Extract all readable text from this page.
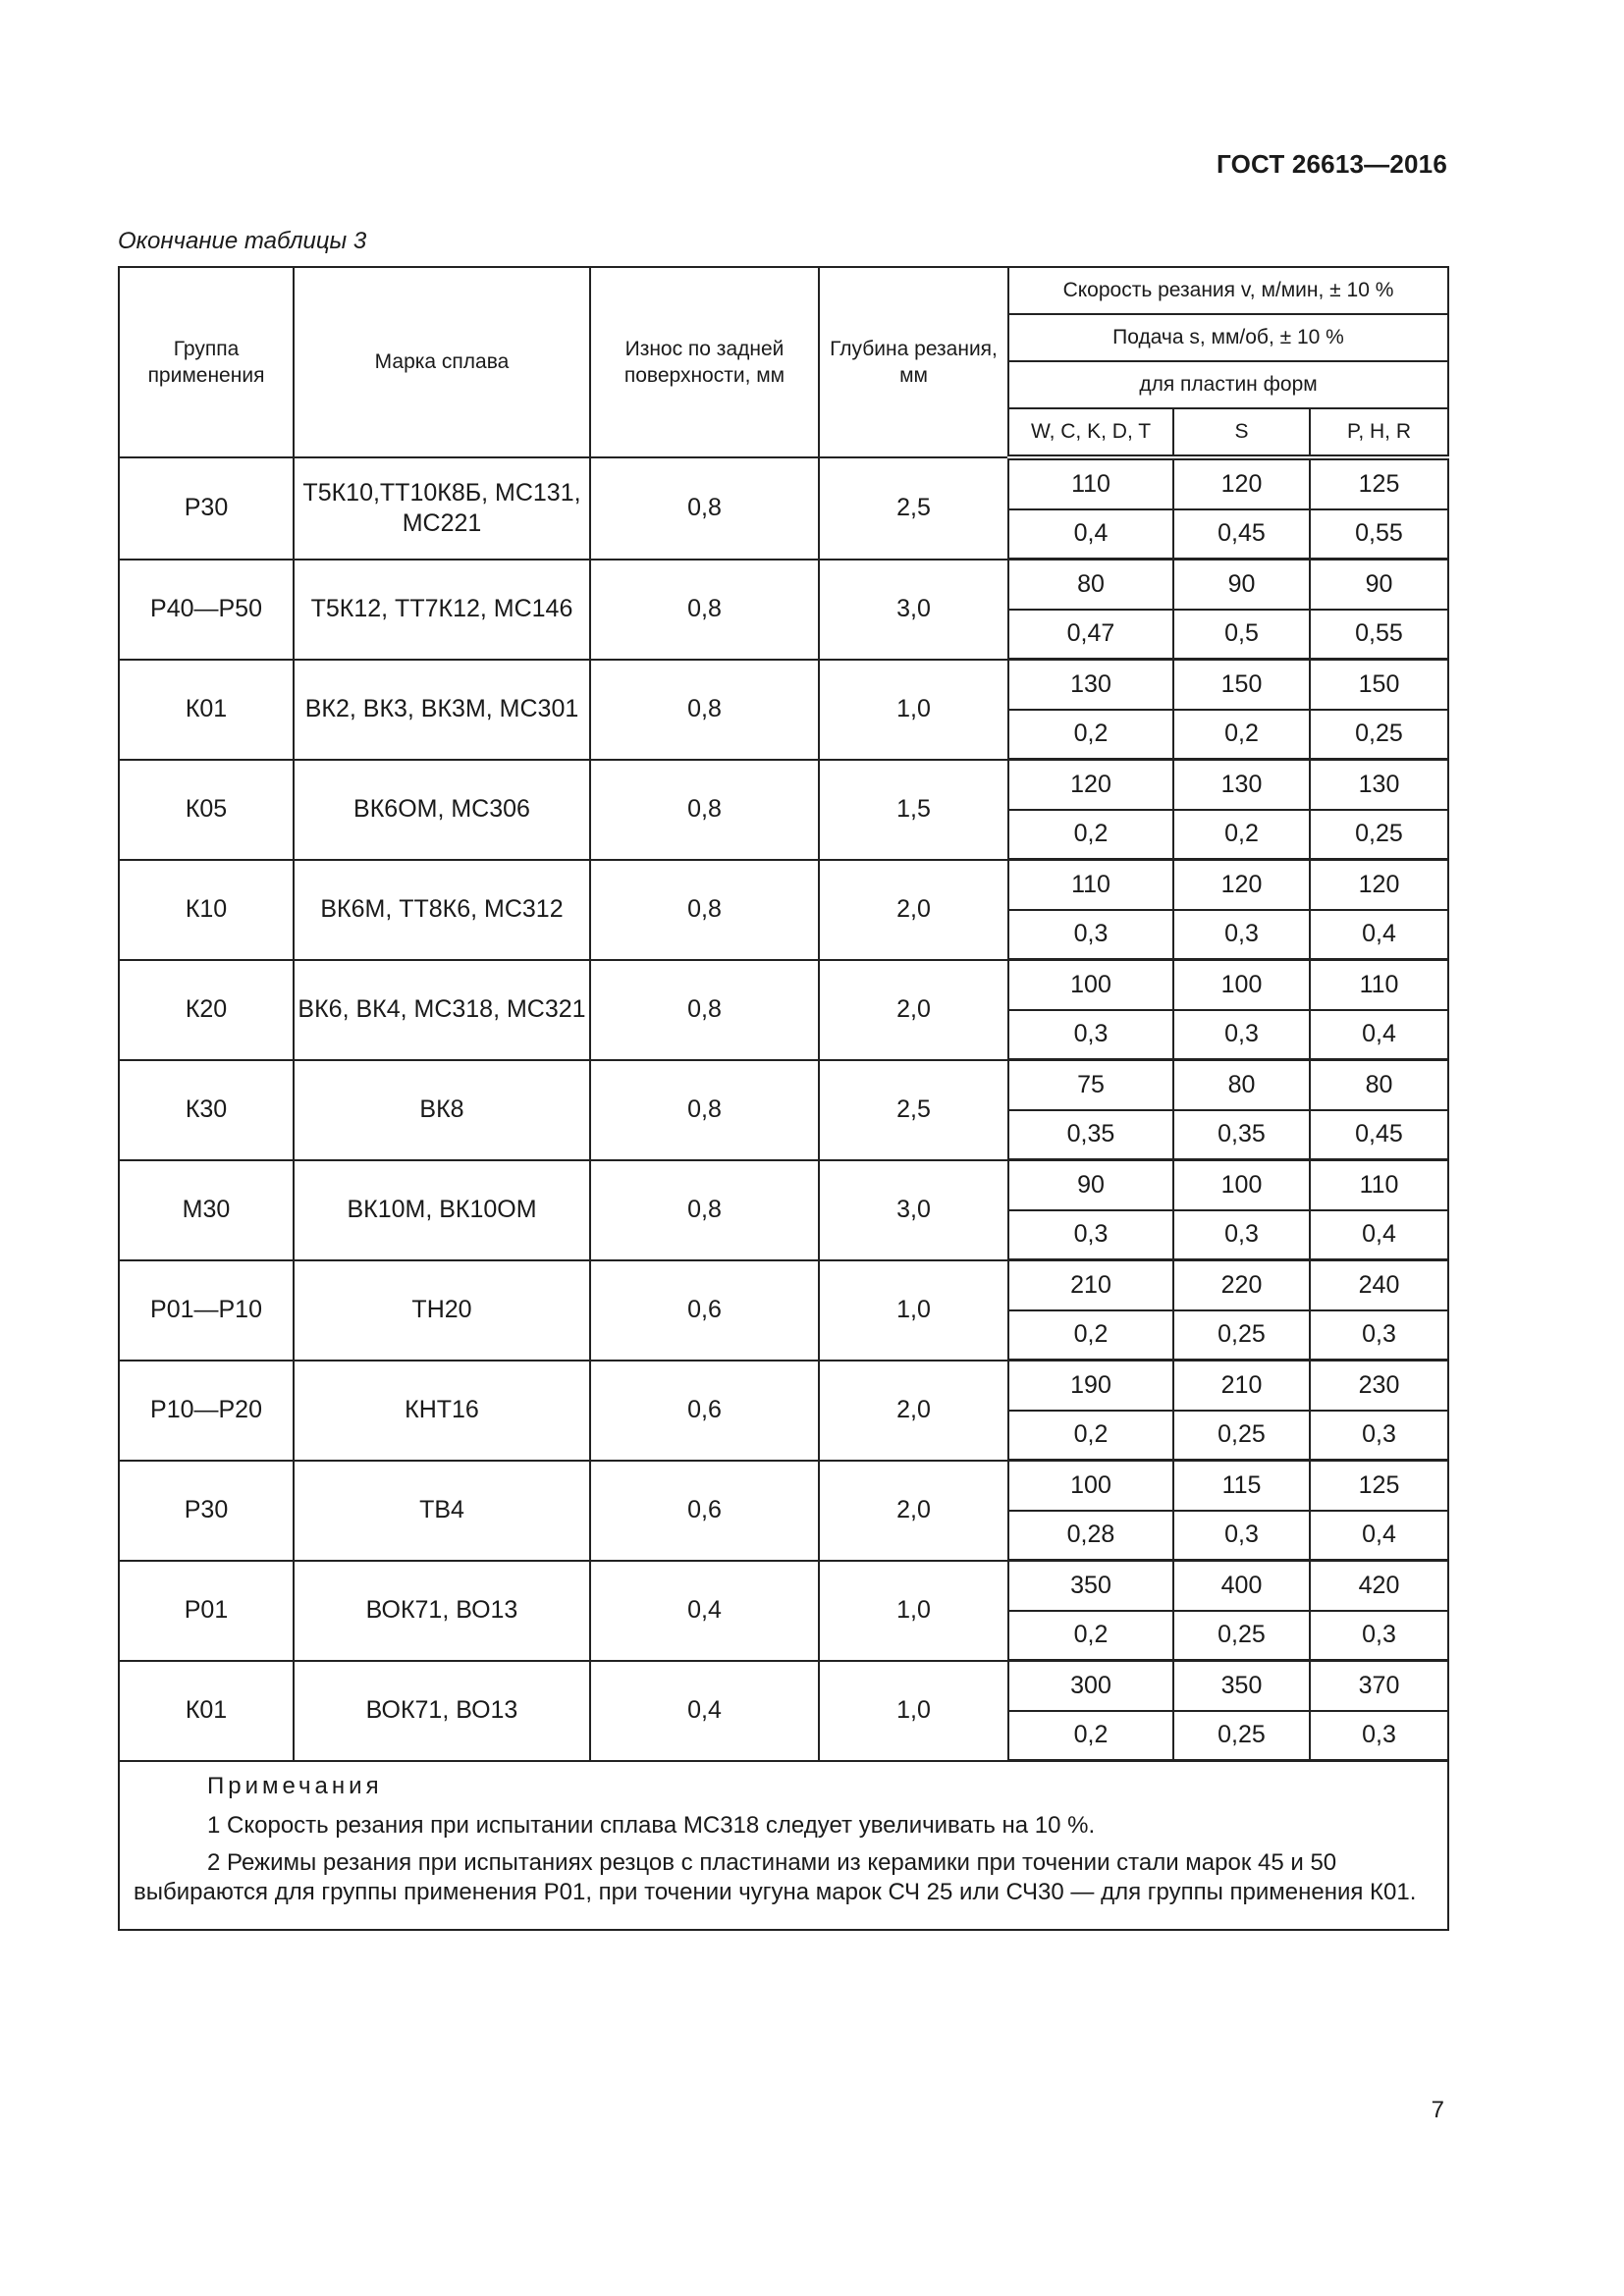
ГОСТ 26613—2016
Окончание таблицы 3
Группа применения	Марка сплава	Износ по задней поверхности, мм	Глубина резания, мм	Скорость резания v, м/мин, ± 10 %		
				Подача s, мм/об, ± 10 %		
				для пластин форм		
				W, C, K, D, T	S	P, H, R
Р30	Т5К10,ТТ10К8Б, МС131, МС221	0,8	2,5	110	120	125
				0,4	0,45	0,55
Р40—Р50	Т5К12, ТТ7К12, МС146	0,8	3,0	80	90	90
				0,47	0,5	0,55
К01	ВК2, ВК3, ВК3М, МС301	0,8	1,0	130	150	150
				0,2	0,2	0,25
К05	ВК6ОМ, МС306	0,8	1,5	120	130	130
				0,2	0,2	0,25
К10	ВК6М, ТТ8К6, МС312	0,8	2,0	110	120	120
				0,3	0,3	0,4
К20	ВК6, ВК4, МС318, МС321	0,8	2,0	100	100	110
				0,3	0,3	0,4
К30	ВК8	0,8	2,5	75	80	80
				0,35	0,35	0,45
М30	ВК10М, ВК10ОМ	0,8	3,0	90	100	110
				0,3	0,3	0,4
Р01—Р10	ТН20	0,6	1,0	210	220	240
				0,2	0,25	0,3
Р10—Р20	КНТ16	0,6	2,0	190	210	230
				0,2	0,25	0,3
Р30	ТВ4	0,6	2,0	100	115	125
				0,28	0,3	0,4
Р01	ВОК71, ВО13	0,4	1,0	350	400	420
				0,2	0,25	0,3
К01	ВОК71, ВО13	0,4	1,0	300	350	370
				0,2	0,25	0,3

Примечания
1 Скорость резания при испытании сплава МС318 следует увеличивать на 10 %.
2 Режимы резания при испытаниях резцов с пластинами из керамики при точении стали марок 45 и 50 выбираются для группы применения Р01, при точении чугуна марок СЧ 25 или СЧ30 — для группы применения К01.						
7
